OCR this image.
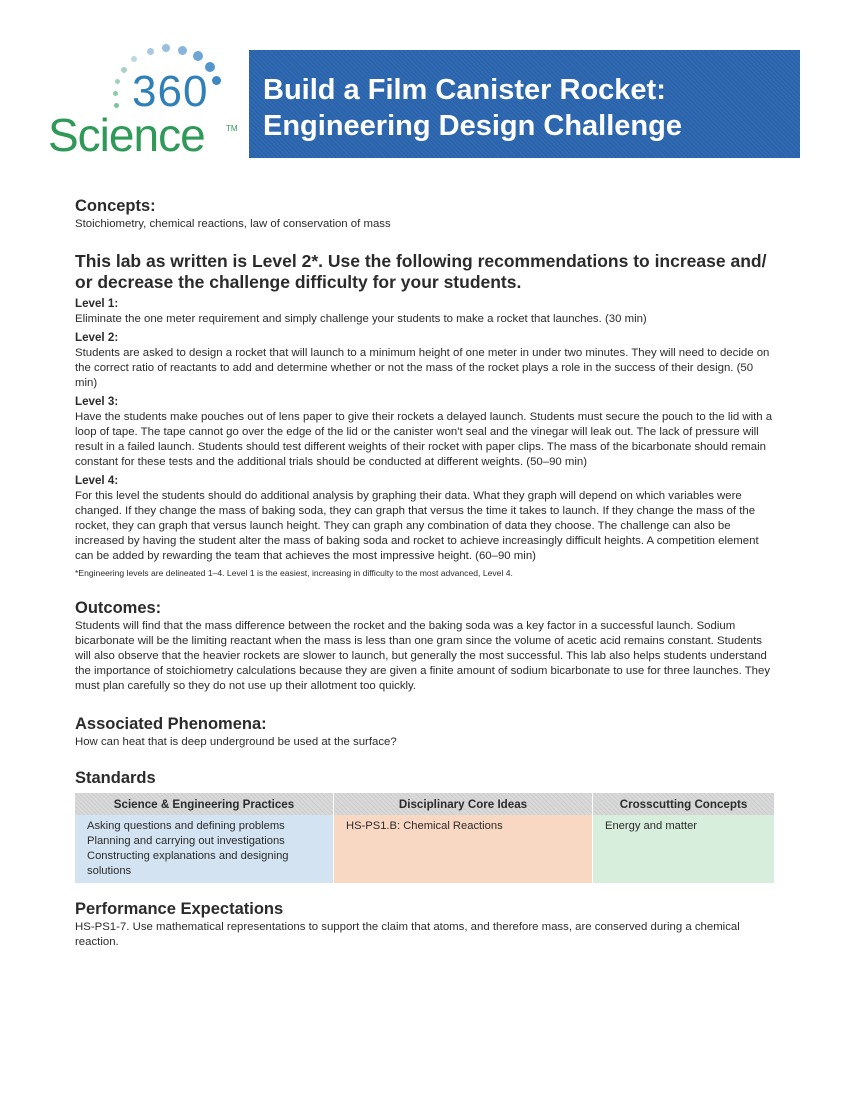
360
Science	TM
Build a Film Canister Rocket:
Engineering Design Challenge
Concepts:

Stoichiometry, chemical reactions, law of conservation of mass

This lab as written is Level 2*. Use the following recommendations to increase and/
or decrease the challenge difficulty for your students.
Level 1:

Eliminate the one meter requirement and simply challenge your students to make a rocket that launches. (30 min)

Level 2:

Students are asked to design a rocket that will launch to a minimum height of one meter in under two minutes. They will need to decide on the correct ratio of reactants to add and determine whether or not the mass of the rocket plays a role in the success of their design. (50 min)

Level 3:

Have the students make pouches out of lens paper to give their rockets a delayed launch. Students must secure the pouch to the lid with a loop of tape. The tape cannot go over the edge of the lid or the canister won't seal and the vinegar will leak out. The lack of pressure will result in a failed launch. Students should test different weights of their rocket with paper clips. The mass of the bicarbonate should remain constant for these tests and the additional trials should be conducted at different weights. (50–90 min)

Level 4:

For this level the students should do additional analysis by graphing their data. What they graph will depend on which variables were changed. If they change the mass of baking soda, they can graph that versus the time it takes to launch. If they change the mass of the rocket, they can graph that versus launch height. They can graph any combination of data they choose. The challenge can also be increased by having the student alter the mass of baking soda and rocket to achieve increasingly difficult heights. A competition element can be added by rewarding the team that achieves the most impressive height. (60–90 min)

*Engineering levels are delineated 1–4. Level 1 is the easiest, increasing in difficulty to the most advanced, Level 4.

Outcomes:

Students will find that the mass difference between the rocket and the baking soda was a key factor in a successful launch. Sodium bicarbonate will be the limiting reactant when the mass is less than one gram since the volume of acetic acid remains constant. Students will also observe that the heavier rockets are slower to launch, but generally the most successful. This lab also helps students understand the importance of stoichiometry calculations because they are given a finite amount of sodium bicarbonate to use for three launches. They must plan carefully so they do not use up their allotment too quickly.

Associated Phenomena:

How can heat that is deep underground be used at the surface?

Standards
Science & Engineering Practices	Disciplinary Core Ideas	Crosscutting Concepts

Asking questions and defining problems
Planning and carrying out investigations
Constructing explanations and designing
solutions	HS-PS1.B: Chemical Reactions	Energy and matter
Performance Expectations

HS-PS1-7. Use mathematical representations to support the claim that atoms, and therefore mass, are conserved during a chemical reaction.
